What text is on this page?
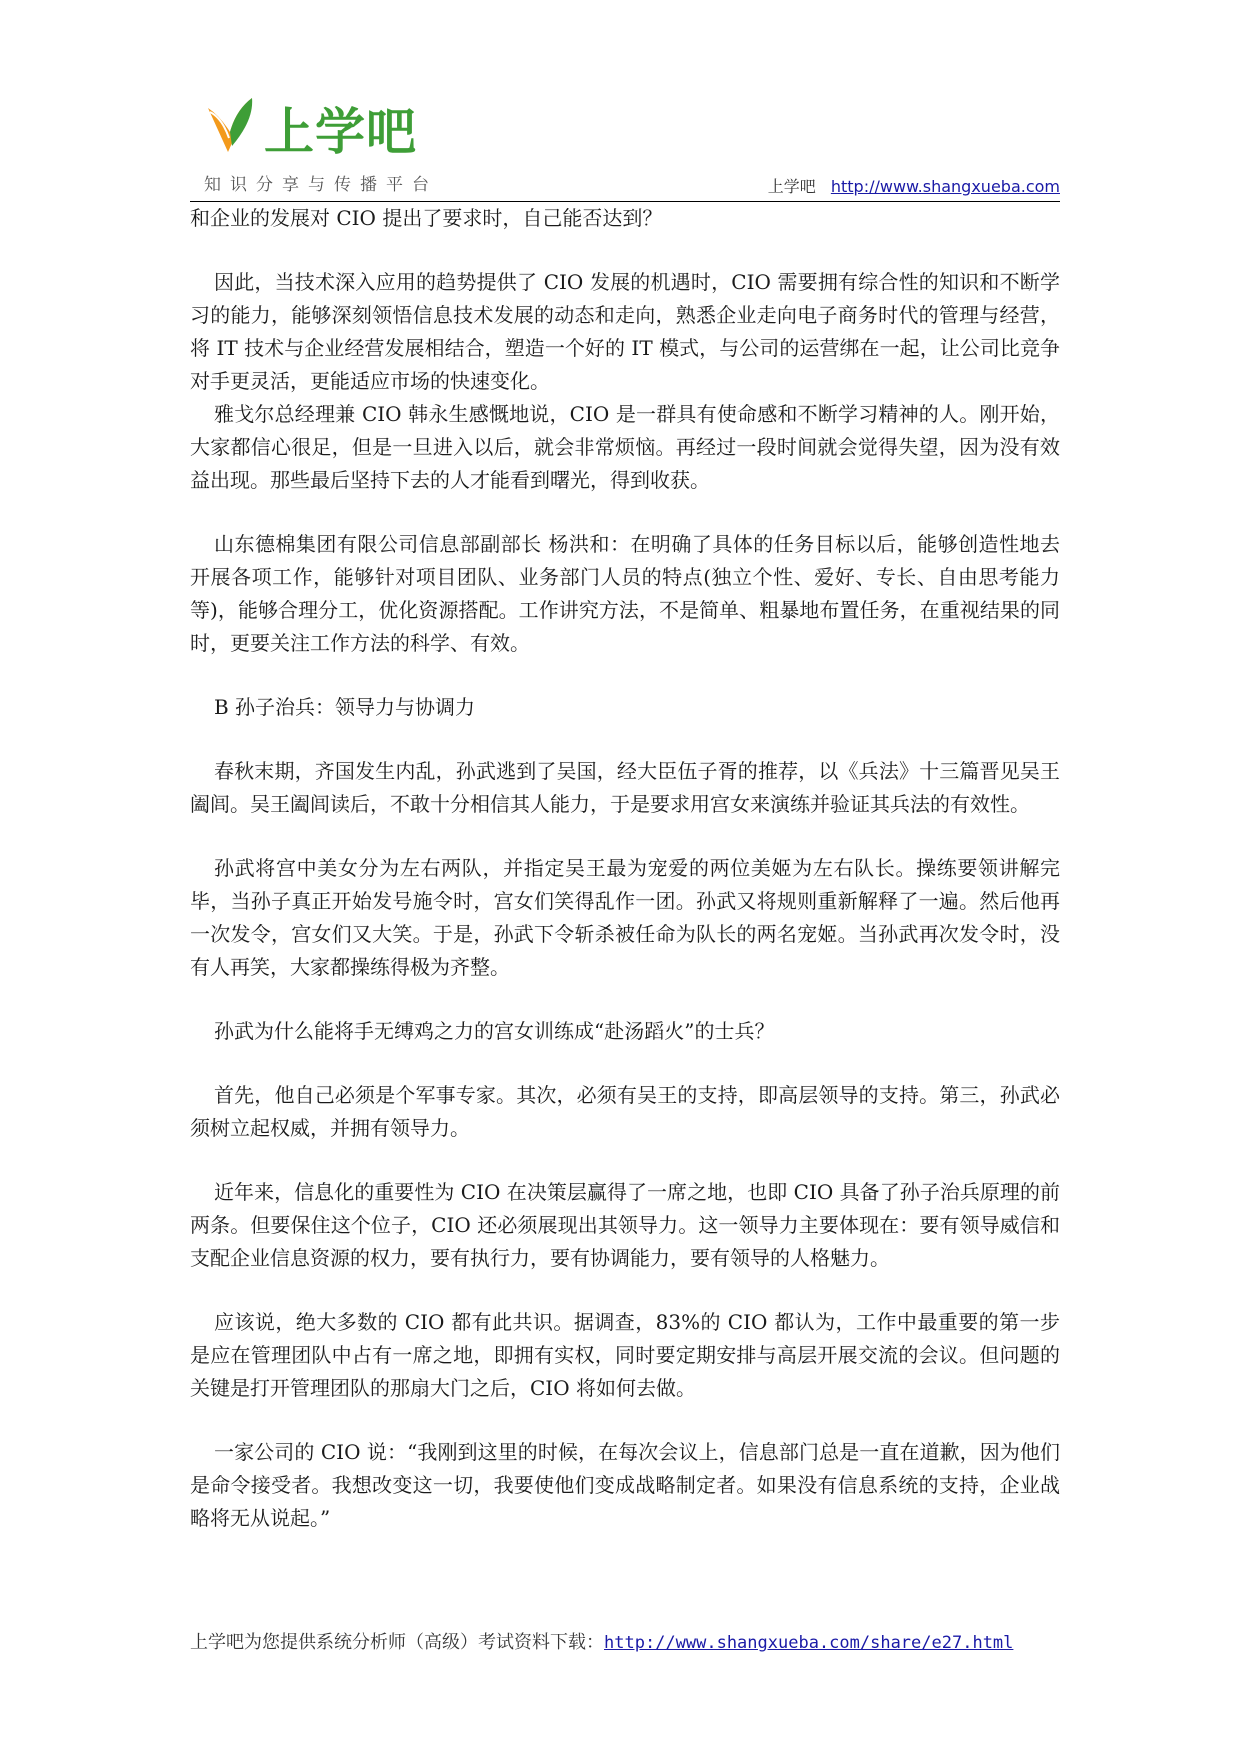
上学吧
知识分享与传播平台	上学吧 http://www.shangxueba.com

和企业的发展对 CIO 提出了要求时，自己能否达到？

因此，当技术深入应用的趋势提供了 CIO 发展的机遇时，CIO 需要拥有综合性的知识和不断学习的能力，能够深刻领悟信息技术发展的动态和走向，熟悉企业走向电子商务时代的管理与经营，将 IT 技术与企业经营发展相结合，塑造一个好的 IT 模式，与公司的运营绑在一起，让公司比竞争对手更灵活，更能适应市场的快速变化。

雅戈尔总经理兼 CIO 韩永生感慨地说，CIO 是一群具有使命感和不断学习精神的人。刚开始，大家都信心很足，但是一旦进入以后，就会非常烦恼。再经过一段时间就会觉得失望，因为没有效益出现。那些最后坚持下去的人才能看到曙光，得到收获。

山东德棉集团有限公司信息部副部长 杨洪和：在明确了具体的任务目标以后，能够创造性地去开展各项工作，能够针对项目团队、业务部门人员的特点(独立个性、爱好、专长、自由思考能力等)，能够合理分工，优化资源搭配。工作讲究方法，不是简单、粗暴地布置任务，在重视结果的同时，更要关注工作方法的科学、有效。

B 孙子治兵：领导力与协调力

春秋末期，齐国发生内乱，孙武逃到了吴国，经大臣伍子胥的推荐，以《兵法》十三篇晋见吴王阖闾。吴王阖闾读后，不敢十分相信其人能力，于是要求用宫女来演练并验证其兵法的有效性。

孙武将宫中美女分为左右两队，并指定吴王最为宠爱的两位美姬为左右队长。操练要领讲解完毕，当孙子真正开始发号施令时，宫女们笑得乱作一团。孙武又将规则重新解释了一遍。然后他再一次发令，宫女们又大笑。于是，孙武下令斩杀被任命为队长的两名宠姬。当孙武再次发令时，没有人再笑，大家都操练得极为齐整。

孙武为什么能将手无缚鸡之力的宫女训练成“赴汤蹈火”的士兵？

首先，他自己必须是个军事专家。其次，必须有吴王的支持，即高层领导的支持。第三，孙武必须树立起权威，并拥有领导力。

近年来，信息化的重要性为 CIO 在决策层赢得了一席之地，也即 CIO 具备了孙子治兵原理的前两条。但要保住这个位子，CIO 还必须展现出其领导力。这一领导力主要体现在：要有领导威信和支配企业信息资源的权力，要有执行力，要有协调能力，要有领导的人格魅力。

应该说，绝大多数的 CIO 都有此共识。据调查，83%的 CIO 都认为，工作中最重要的第一步是应在管理团队中占有一席之地，即拥有实权，同时要定期安排与高层开展交流的会议。但问题的关键是打开管理团队的那扇大门之后，CIO 将如何去做。

一家公司的 CIO 说：“我刚到这里的时候，在每次会议上，信息部门总是一直在道歉，因为他们是命令接受者。我想改变这一切，我要使他们变成战略制定者。如果没有信息系统的支持，企业战略将无从说起。”

上学吧为您提供系统分析师（高级）考试资料下载：http://www.shangxueba.com/share/e27.html
